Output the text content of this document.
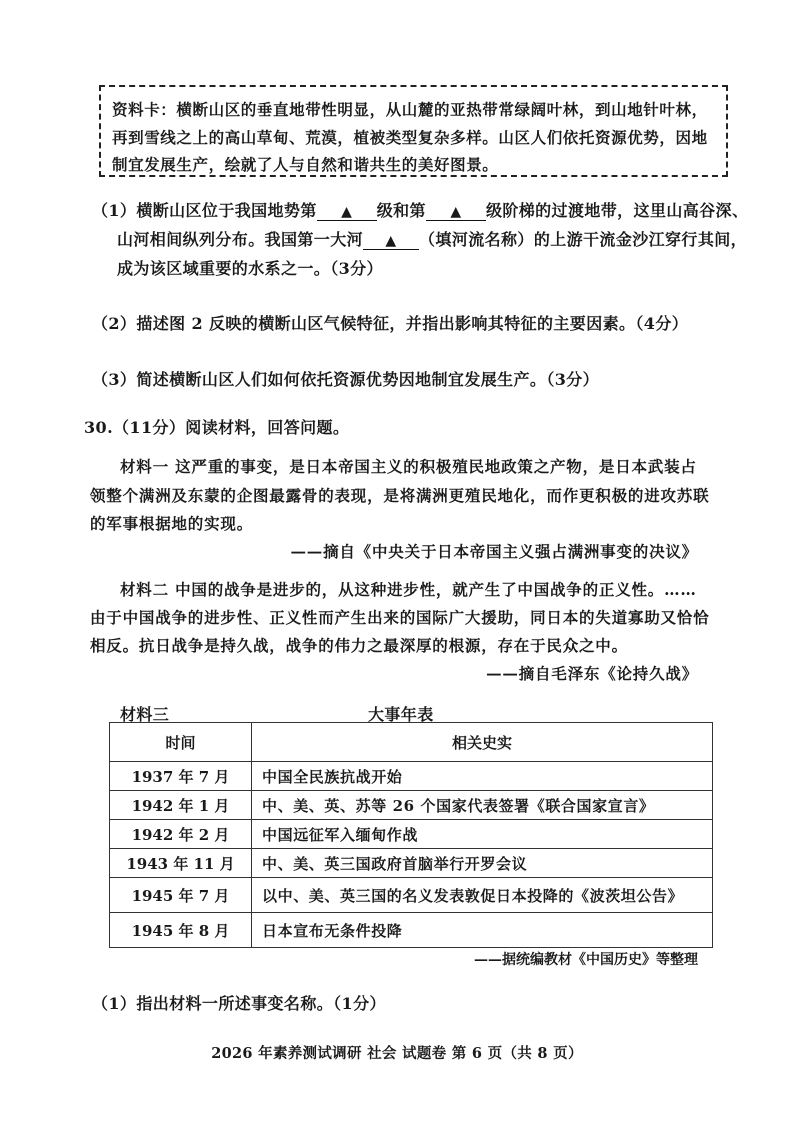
资料卡：横断山区的垂直地带性明显，从山麓的亚热带常绿阔叶林，到山地针叶林，
再到雪线之上的高山草甸、荒漠，植被类型复杂多样。山区人们依托资源优势，因地
制宜发展生产，绘就了人与自然和谐共生的美好图景。
（1）横断山区位于我国地势第 ▲ 级和第 ▲ 级阶梯的过渡地带，这里山高谷深、
山河相间纵列分布。我国第一大河 ▲ （填河流名称）的上游干流金沙江穿行其间，
成为该区域重要的水系之一。（3分）
（2）描述图 2 反映的横断山区气候特征，并指出影响其特征的主要因素。（4分）
（3）简述横断山区人们如何依托资源优势因地制宜发展生产。（3分）
30.（11分）阅读材料，回答问题。
材料一 这严重的事变，是日本帝国主义的积极殖民地政策之产物，是日本武装占
领整个满洲及东蒙的企图最露骨的表现，是将满洲更殖民地化，而作更积极的进攻苏联
的军事根据地的实现。
——摘自《中央关于日本帝国主义强占满洲事变的决议》
材料二 中国的战争是进步的，从这种进步性，就产生了中国战争的正义性。……
由于中国战争的进步性、正义性而产生出来的国际广大援助，同日本的失道寡助又恰恰
相反。抗日战争是持久战，战争的伟力之最深厚的根源，存在于民众之中。
——摘自毛泽东《论持久战》
材料三	大事年表
时间	相关史实
1937 年 7 月	中国全民族抗战开始
1942 年 1 月	中、美、英、苏等 26 个国家代表签署《联合国家宣言》
1942 年 2 月	中国远征军入缅甸作战
1943 年 11 月	中、美、英三国政府首脑举行开罗会议
1945 年 7 月	以中、美、英三国的名义发表敦促日本投降的《波茨坦公告》
1945 年 8 月	日本宣布无条件投降
——据统编教材《中国历史》等整理
（1）指出材料一所述事变名称。（1分）
2026 年素养测试调研 社会 试题卷 第 6 页（共 8 页）
